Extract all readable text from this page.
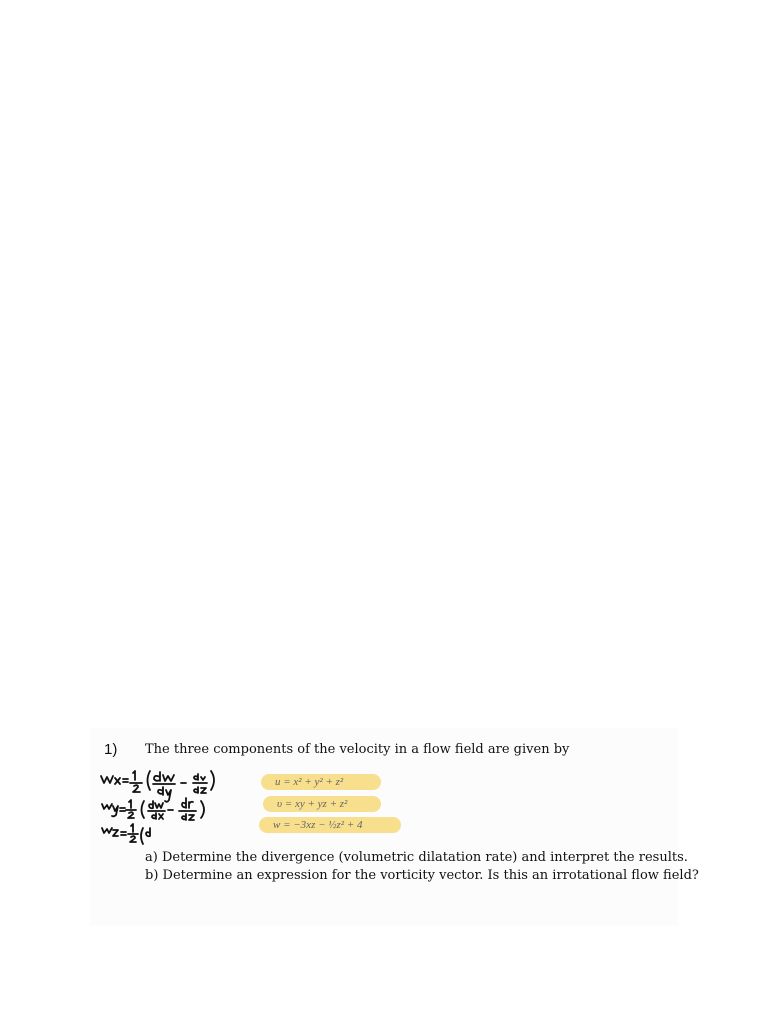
1) The three components of the velocity in a flow field are given by
u = x² + y² + z²
υ = xy + yz + z²
w = −3xz − ½z² + 4
a) Determine the divergence (volumetric dilatation rate) and interpret the results.
b) Determine an expression for the vorticity vector. Is this an irrotational flow field?
